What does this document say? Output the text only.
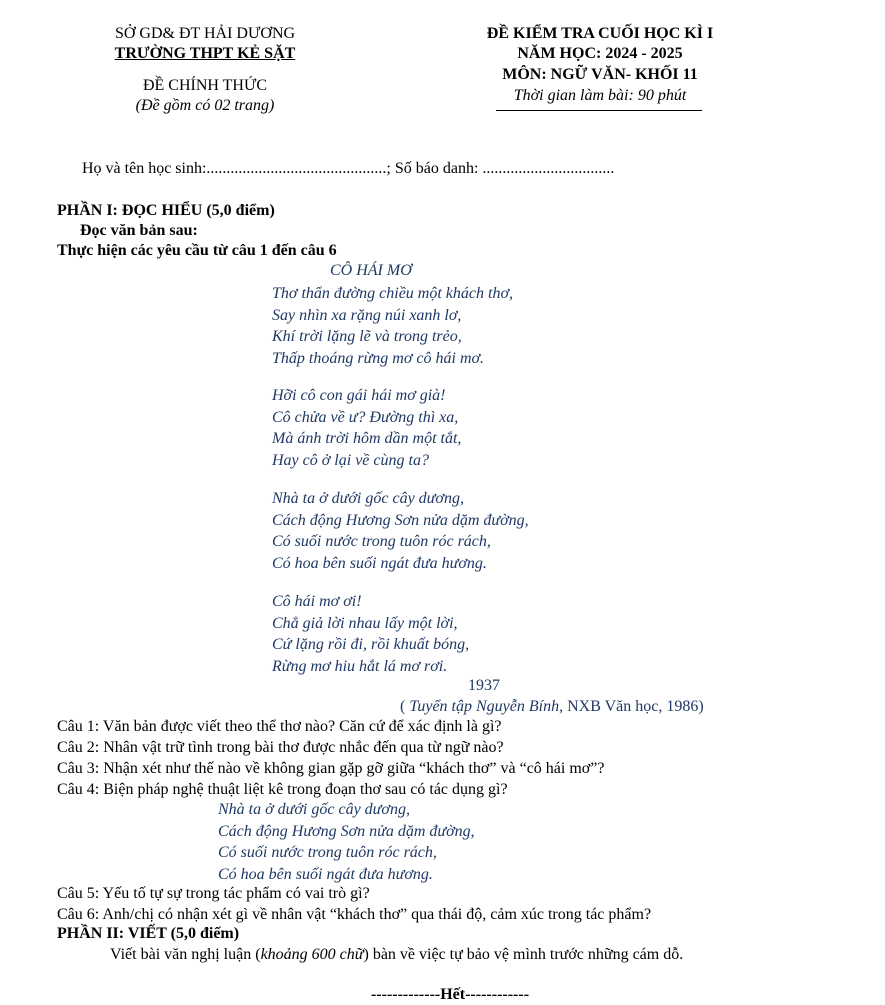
SỞ GD& ĐT HẢI DƯƠNG
TRƯỜNG THPT KẺ SẶT
ĐỀ CHÍNH THỨC
(Đề gồm có 02 trang)
ĐỀ KIỂM TRA CUỐI HỌC KÌ I
NĂM HỌC: 2024 - 2025
MÔN: NGỮ VĂN- KHỐI 11
Thời gian làm bài: 90 phút
Họ và tên học sinh:.............................................; Số báo danh: .................................
PHẦN I: ĐỌC HIỂU (5,0 điểm)
Đọc văn bản sau:
Thực hiện các yêu cầu từ câu 1 đến câu 6
CÔ HÁI MƠ
Thơ thẩn đường chiều một khách thơ,
Say nhìn xa rặng núi xanh lơ,
Khí trời lặng lẽ và trong trẻo,
Thấp thoáng rừng mơ cô hái mơ.
Hỡi cô con gái hái mơ già!
Cô chửa về ư? Đường thì xa,
Mà ánh trời hôm dần một tắt,
Hay cô ở lại về cùng ta?
Nhà ta ở dưới gốc cây dương,
Cách động Hương Sơn nửa dặm đường,
Có suối nước trong tuôn róc rách,
Có hoa bên suối ngát đưa hương.
Cô hái mơ ơi!
Chẳ giả lời nhau lấy một lời,
Cứ lặng rồi đi, rồi khuất bóng,
Rừng mơ hiu hắt lá mơ rơi.
1937
( Tuyển tập Nguyễn Bính, NXB Văn học, 1986)
Câu 1: Văn bản được viết theo thể thơ nào? Căn cứ để xác định là gì?
Câu 2: Nhân vật trữ tình trong bài thơ được nhắc đến qua từ ngữ nào?
Câu 3: Nhận xét như thế nào về không gian gặp gỡ giữa “khách thơ” và “cô hái mơ”?
Câu 4: Biện pháp nghệ thuật liệt kê trong đoạn thơ sau có tác dụng gì?
Nhà ta ở dưới gốc cây dương,
Cách động Hương Sơn nửa dặm đường,
Có suối nước trong tuôn róc rách,
Có hoa bên suối ngát đưa hương.
Câu 5: Yếu tố tự sự trong tác phẩm có vai trò gì?
Câu 6: Anh/chị có nhận xét gì về nhân vật “khách thơ” qua thái độ, cảm xúc trong tác phẩm?
PHẦN II: VIẾT (5,0 điểm)
Viết bài văn nghị luận (khoảng 600 chữ) bàn về việc tự bảo vệ mình trước những cám dỗ.
-------------Hết------------
